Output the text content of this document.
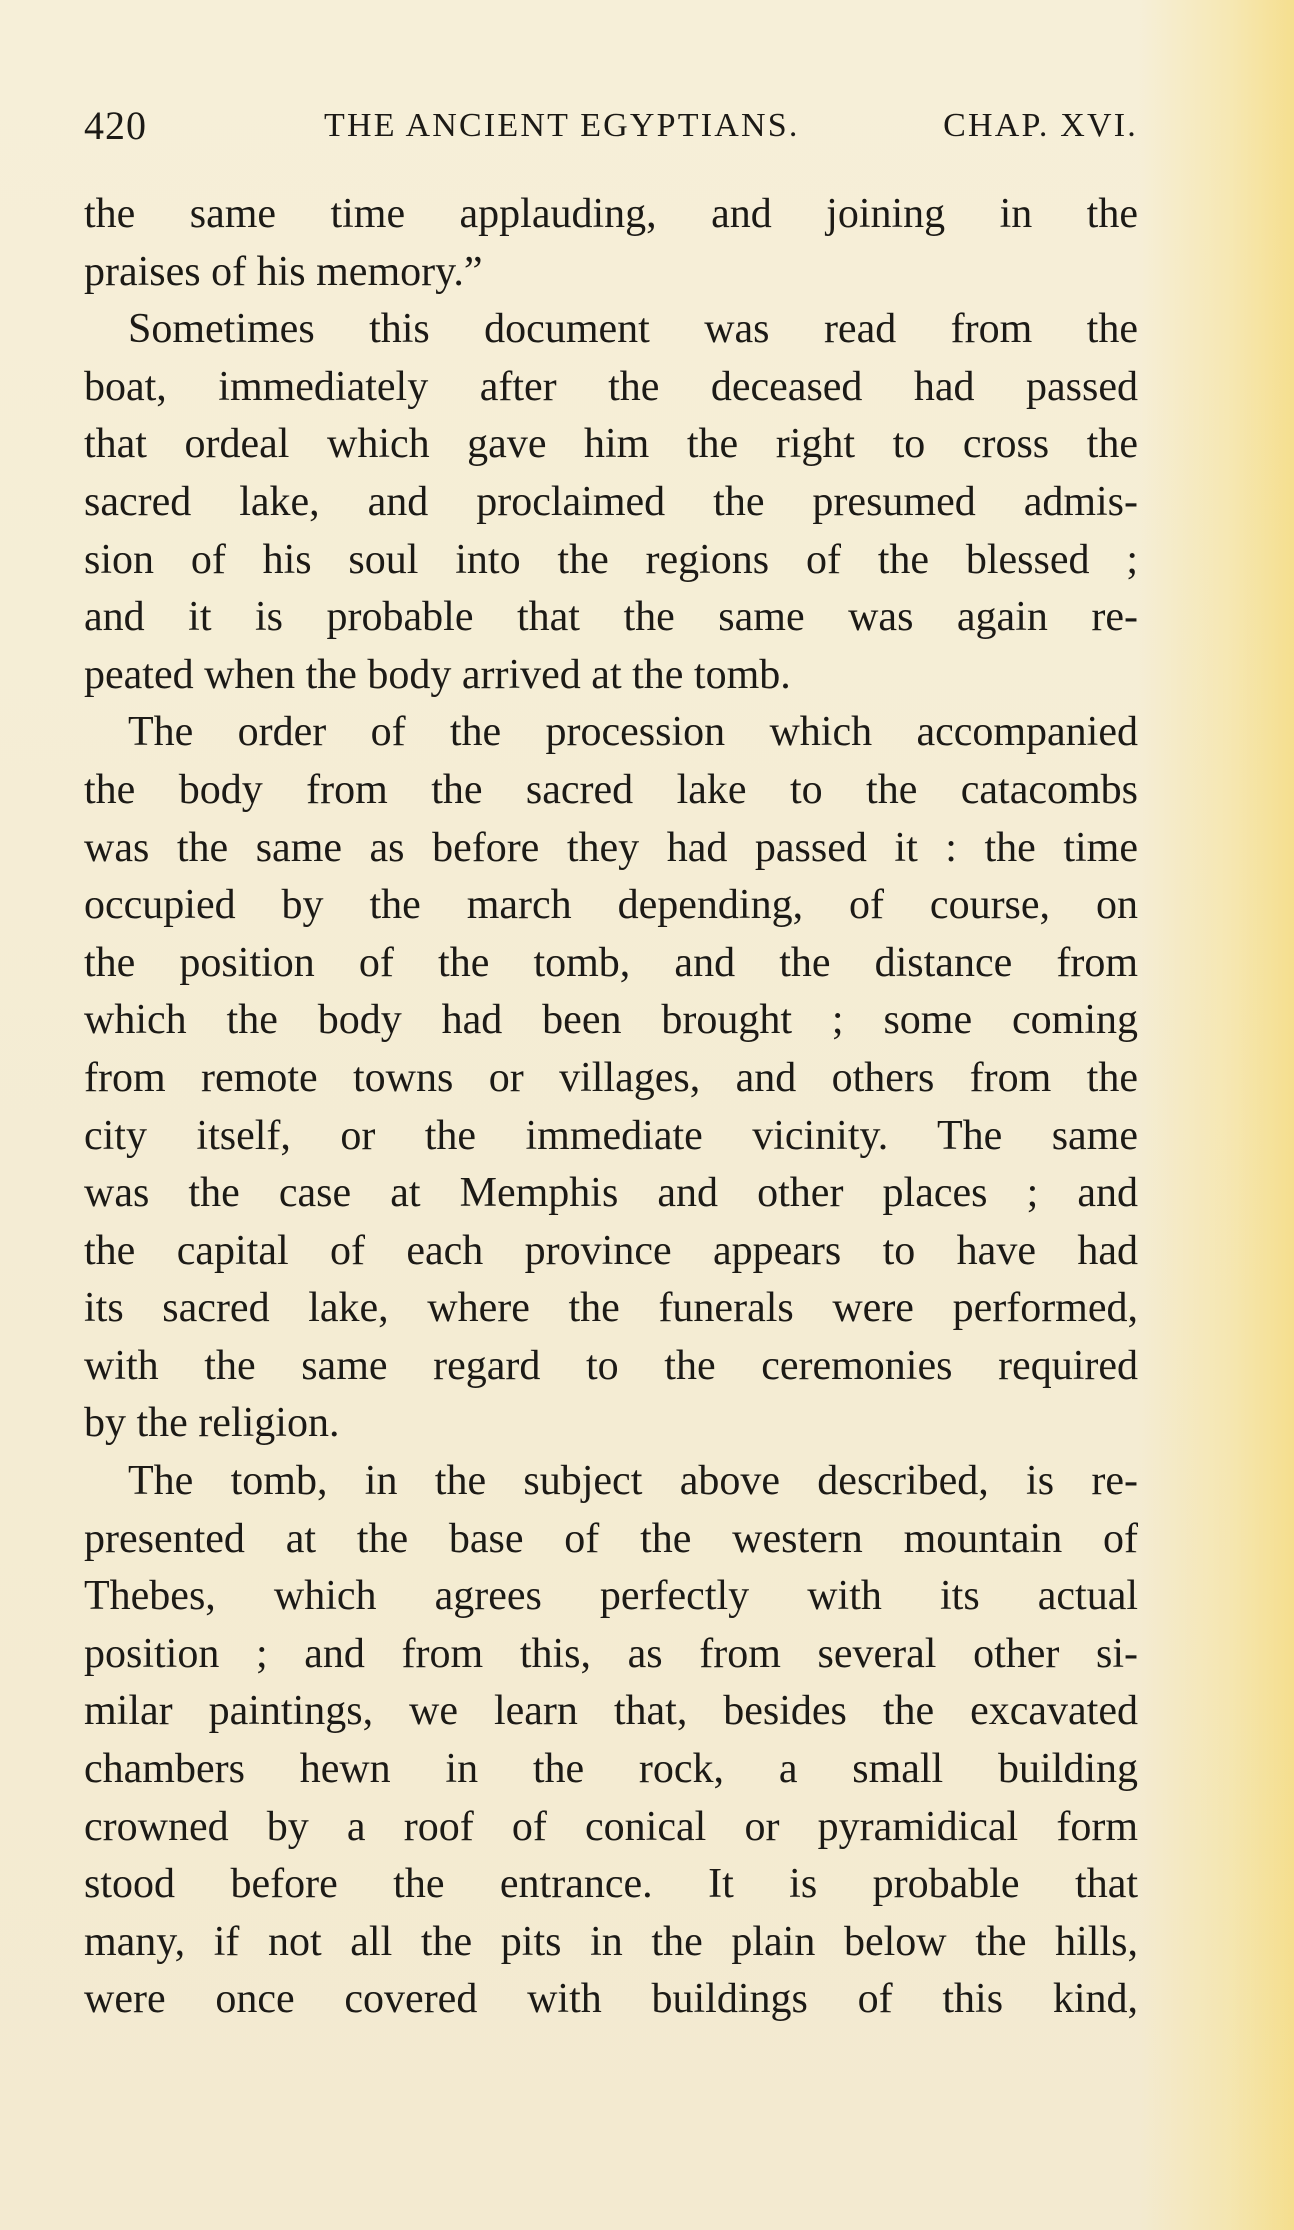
420	THE ANCIENT EGYPTIANS.	CHAP. XVI.
the same time applauding, and joining in the
praises of his memory.”
Sometimes this document was read from the
boat, immediately after the deceased had passed
that ordeal which gave him the right to cross the
sacred lake, and proclaimed the presumed admis-
sion of his soul into the regions of the blessed ;
and it is probable that the same was again re-
peated when the body arrived at the tomb.
The order of the procession which accompanied
the body from the sacred lake to the catacombs
was the same as before they had passed it : the time
occupied by the march depending, of course, on
the position of the tomb, and the distance from
which the body had been brought ; some coming
from remote towns or villages, and others from the
city itself, or the immediate vicinity. The same
was the case at Memphis and other places ; and
the capital of each province appears to have had
its sacred lake, where the funerals were performed,
with the same regard to the ceremonies required
by the religion.
The tomb, in the subject above described, is re-
presented at the base of the western mountain of
Thebes, which agrees perfectly with its actual
position ; and from this, as from several other si-
milar paintings, we learn that, besides the excavated
chambers hewn in the rock, a small building
crowned by a roof of conical or pyramidical form
stood before the entrance. It is probable that
many, if not all the pits in the plain below the hills,
were once covered with buildings of this kind,
